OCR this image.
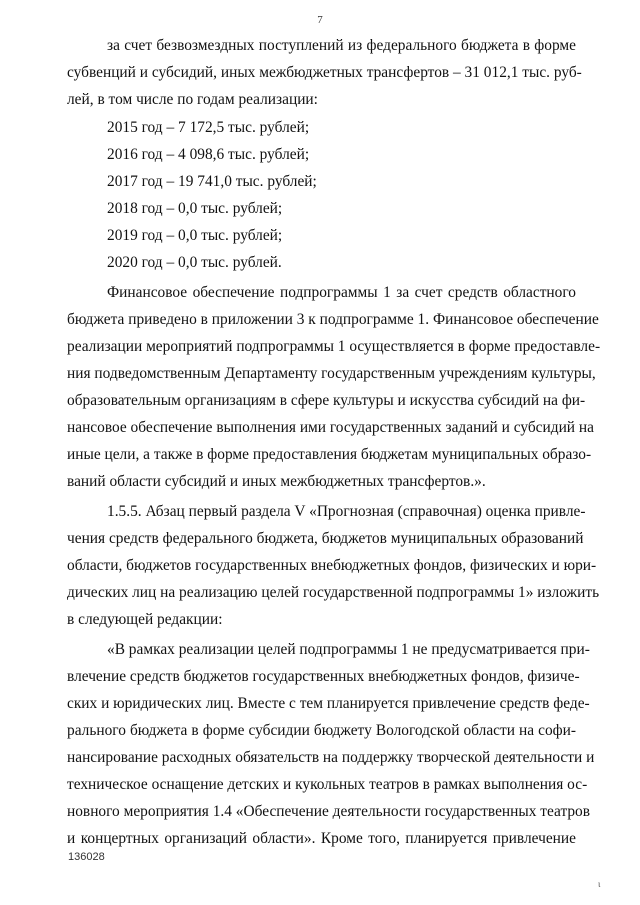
7
за счет безвозмездных поступлений из федерального бюджета в форме
субвенций и субсидий, иных межбюджетных трансфертов – 31 012,1 тыс. руб-
лей, в том числе по годам реализации:
2015 год – 7 172,5 тыс. рублей;
2016 год – 4 098,6 тыс. рублей;
2017 год – 19 741,0 тыс. рублей;
2018 год – 0,0 тыс. рублей;
2019 год – 0,0 тыс. рублей;
2020 год – 0,0 тыс. рублей.
Финансовое обеспечение подпрограммы 1 за счет средств областного
бюджета приведено в приложении 3 к подпрограмме 1. Финансовое обеспечение
реализации мероприятий подпрограммы 1 осуществляется в форме предоставле-
ния подведомственным Департаменту государственным учреждениям культуры,
образовательным организациям в сфере культуры и искусства субсидий на фи-
нансовое обеспечение выполнения ими государственных заданий и субсидий на
иные цели, а также в форме предоставления бюджетам муниципальных образо-
ваний области субсидий и иных межбюджетных трансфертов.».
1.5.5. Абзац первый раздела V «Прогнозная (справочная) оценка привле-
чения средств федерального бюджета, бюджетов муниципальных образований
области, бюджетов государственных внебюджетных фондов, физических и юри-
дических лиц на реализацию целей государственной подпрограммы 1» изложить
в следующей редакции:
«В рамках реализации целей подпрограммы 1 не предусматривается при-
влечение средств бюджетов государственных внебюджетных фондов, физиче-
ских и юридических лиц. Вместе с тем планируется привлечение средств феде-
рального бюджета в форме субсидии бюджету Вологодской области на софи-
нансирование расходных обязательств на поддержку творческой деятельности и
техническое оснащение детских и кукольных театров в рамках выполнения ос-
новного мероприятия 1.4 «Обеспечение деятельности государственных театров
и концертных организаций области». Кроме того, планируется привлечение
136028
ι
